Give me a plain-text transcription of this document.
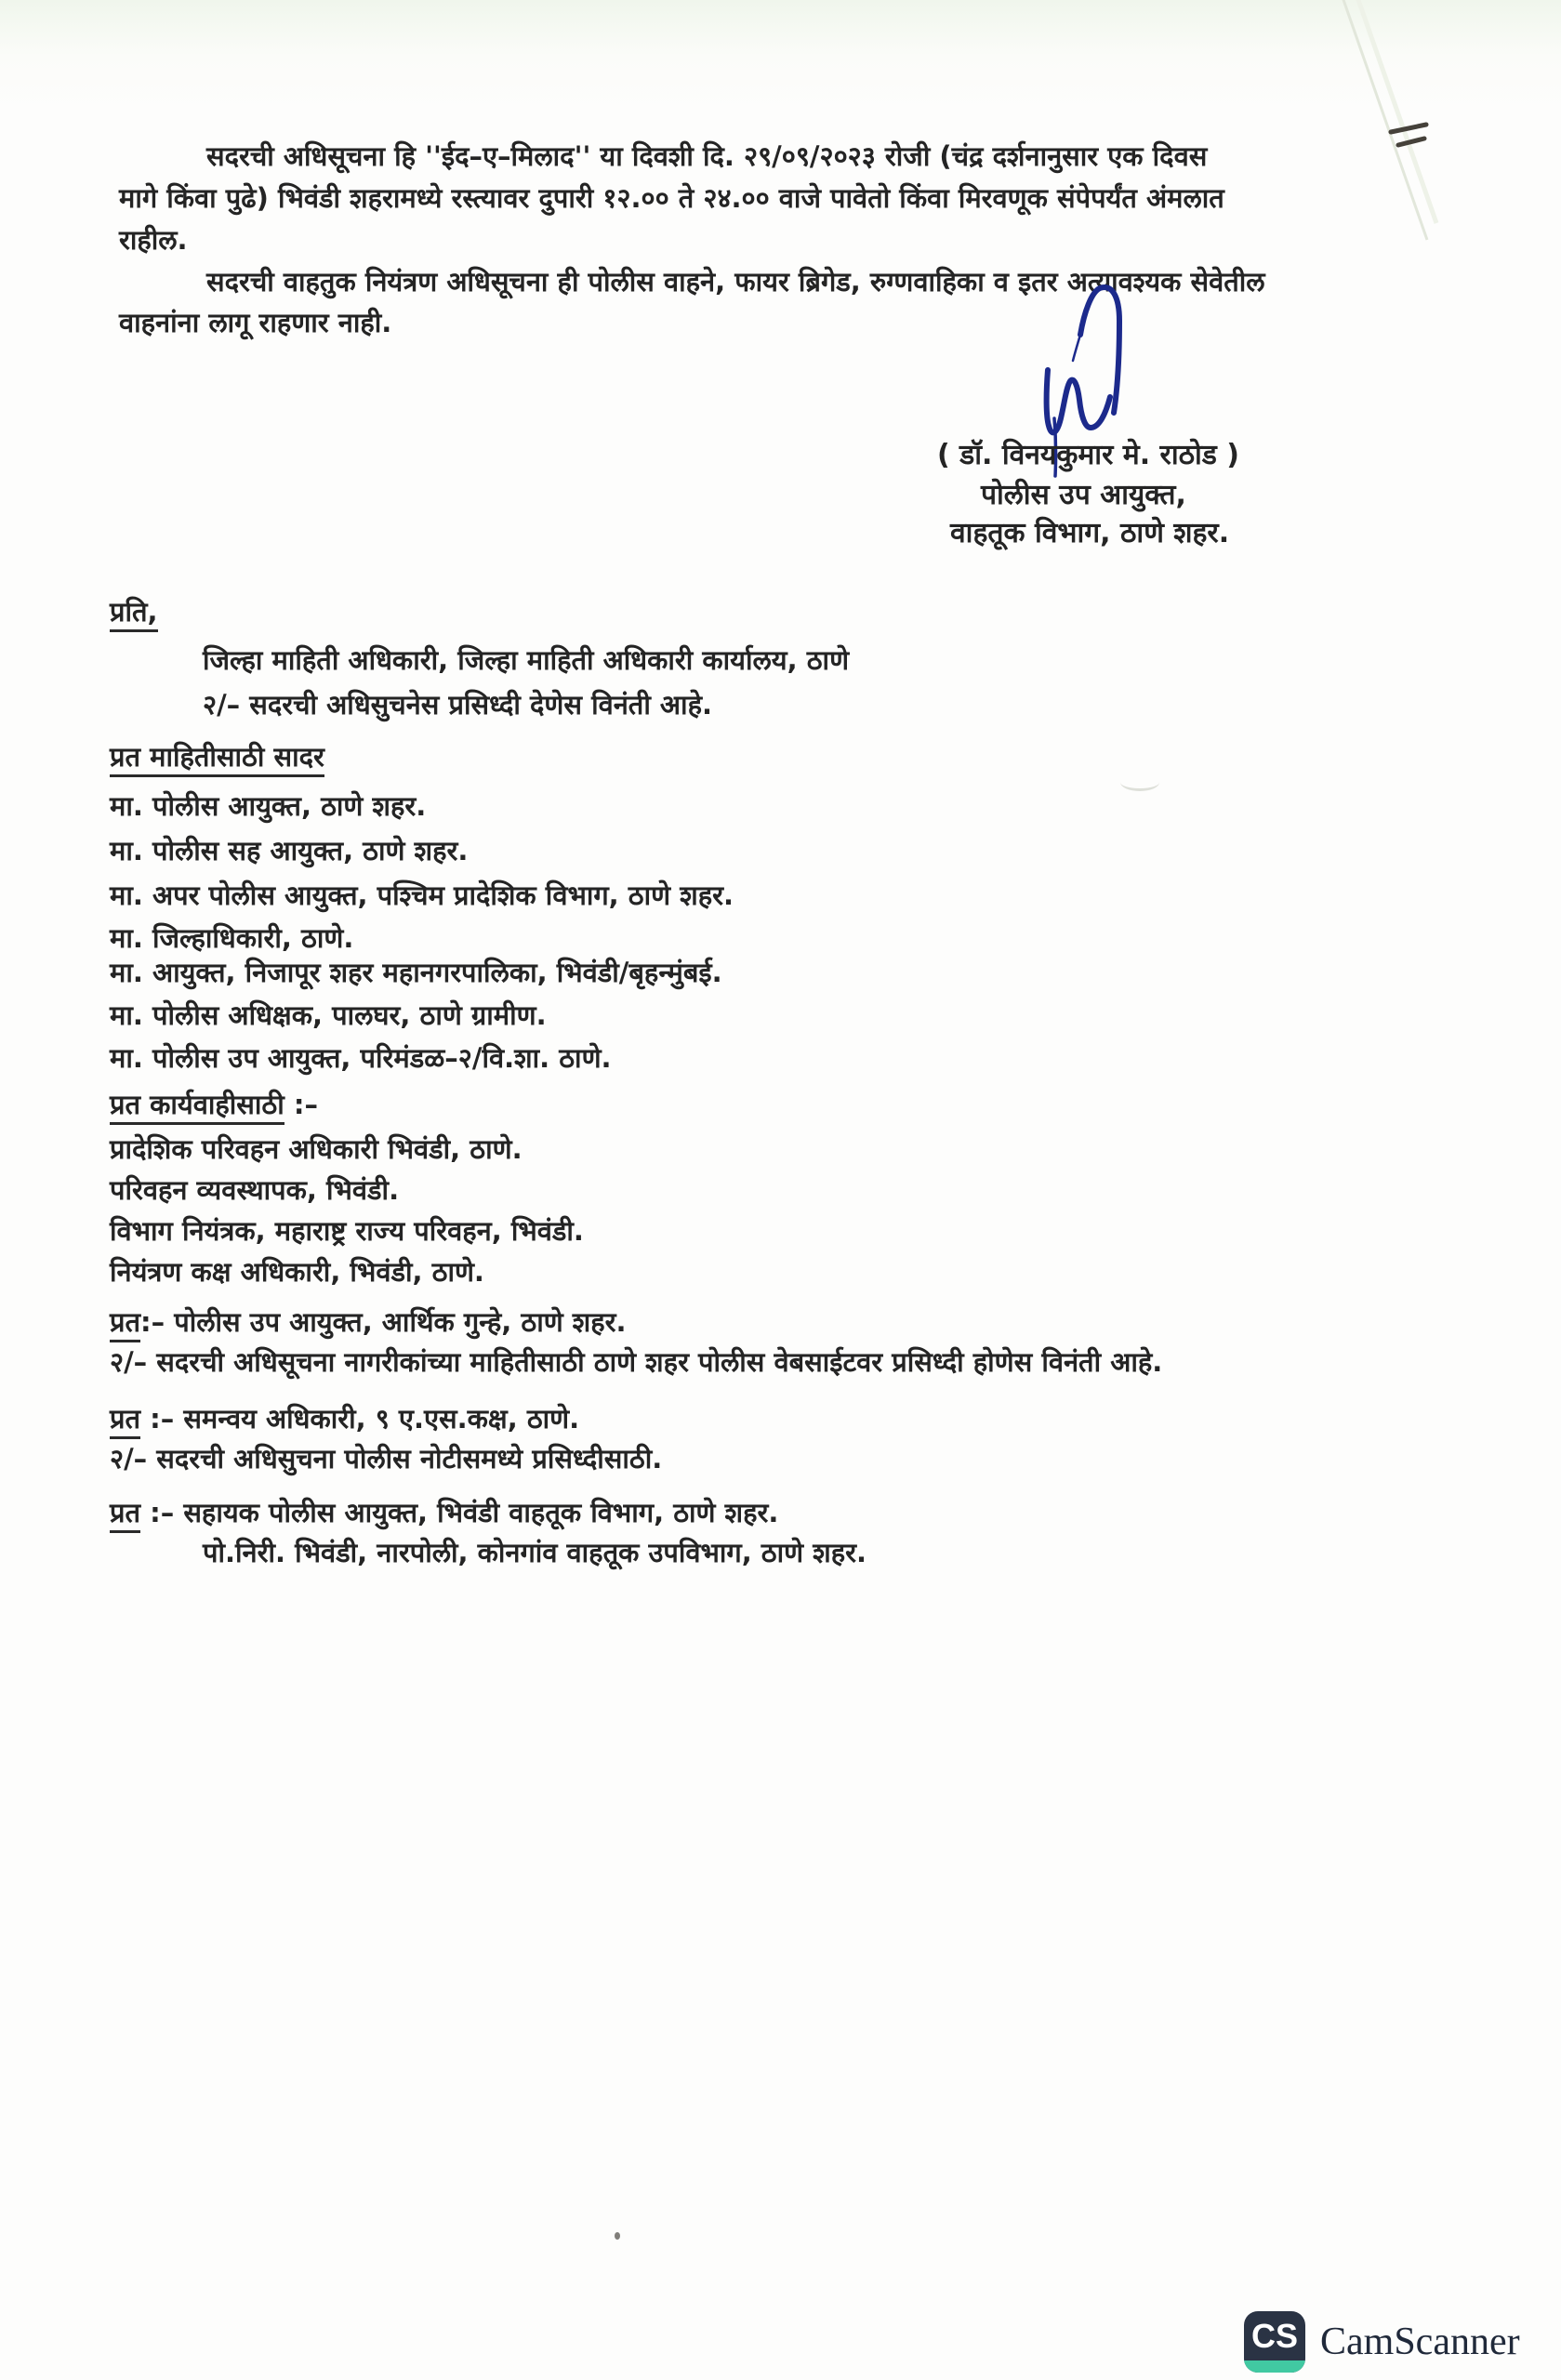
सदरची अधिसूचना हि ''ईद–ए–मिलाद'' या दिवशी दि. २९/०९/२०२३ रोजी (चंद्र दर्शनानुसार एक दिवस
मागे किंवा पुढे) भिवंडी शहरामध्ये रस्त्यावर दुपारी १२.०० ते २४.०० वाजे पावेतो किंवा मिरवणूक संपेपर्यंत अंमलात
राहील.
सदरची वाहतुक नियंत्रण अधिसूचना ही पोलीस वाहने, फायर ब्रिगेड, रुग्णवाहिका व इतर अत्यावश्यक सेवेतील
वाहनांना लागू राहणार नाही.
( डॉ. विनयकुमार मे. राठोड )
पोलीस उप आयुक्त,
वाहतूक विभाग, ठाणे शहर.
प्रति,
जिल्हा माहिती अधिकारी, जिल्हा माहिती अधिकारी कार्यालय, ठाणे
२/– सदरची अधिसुचनेस प्रसिध्दी देणेस विनंती आहे.
प्रत माहितीसाठी सादर
मा. पोलीस आयुक्त, ठाणे शहर.
मा. पोलीस सह आयुक्त, ठाणे शहर.
मा. अपर पोलीस आयुक्त, पश्चिम प्रादेशिक विभाग, ठाणे शहर.
मा. जिल्हाधिकारी, ठाणे.
मा. आयुक्त, निजापूर शहर महानगरपालिका, भिवंडी/बृहन्मुंबई.
मा. पोलीस अधिक्षक, पालघर, ठाणे ग्रामीण.
मा. पोलीस उप आयुक्त, परिमंडळ–२/वि.शा. ठाणे.
प्रत कार्यवाहीसाठी :–
प्रादेशिक परिवहन अधिकारी भिवंडी, ठाणे.
परिवहन व्यवस्थापक, भिवंडी.
विभाग नियंत्रक, महाराष्ट्र राज्य परिवहन, भिवंडी.
नियंत्रण कक्ष अधिकारी, भिवंडी, ठाणे.
प्रत:– पोलीस उप आयुक्त, आर्थिक गुन्हे, ठाणे शहर.
२/– सदरची अधिसूचना नागरीकांच्या माहितीसाठी ठाणे शहर पोलीस वेबसाईटवर प्रसिध्दी होणेस विनंती आहे.
प्रत :– समन्वय अधिकारी, ९ ए.एस.कक्ष, ठाणे.
२/– सदरची अधिसुचना पोलीस नोटीसमध्ये प्रसिध्दीसाठी.
प्रत :– सहायक पोलीस आयुक्त, भिवंडी वाहतूक विभाग, ठाणे शहर.
पो.निरी. भिवंडी, नारपोली, कोनगांव वाहतूक उपविभाग, ठाणे शहर.
CS CamScanner
